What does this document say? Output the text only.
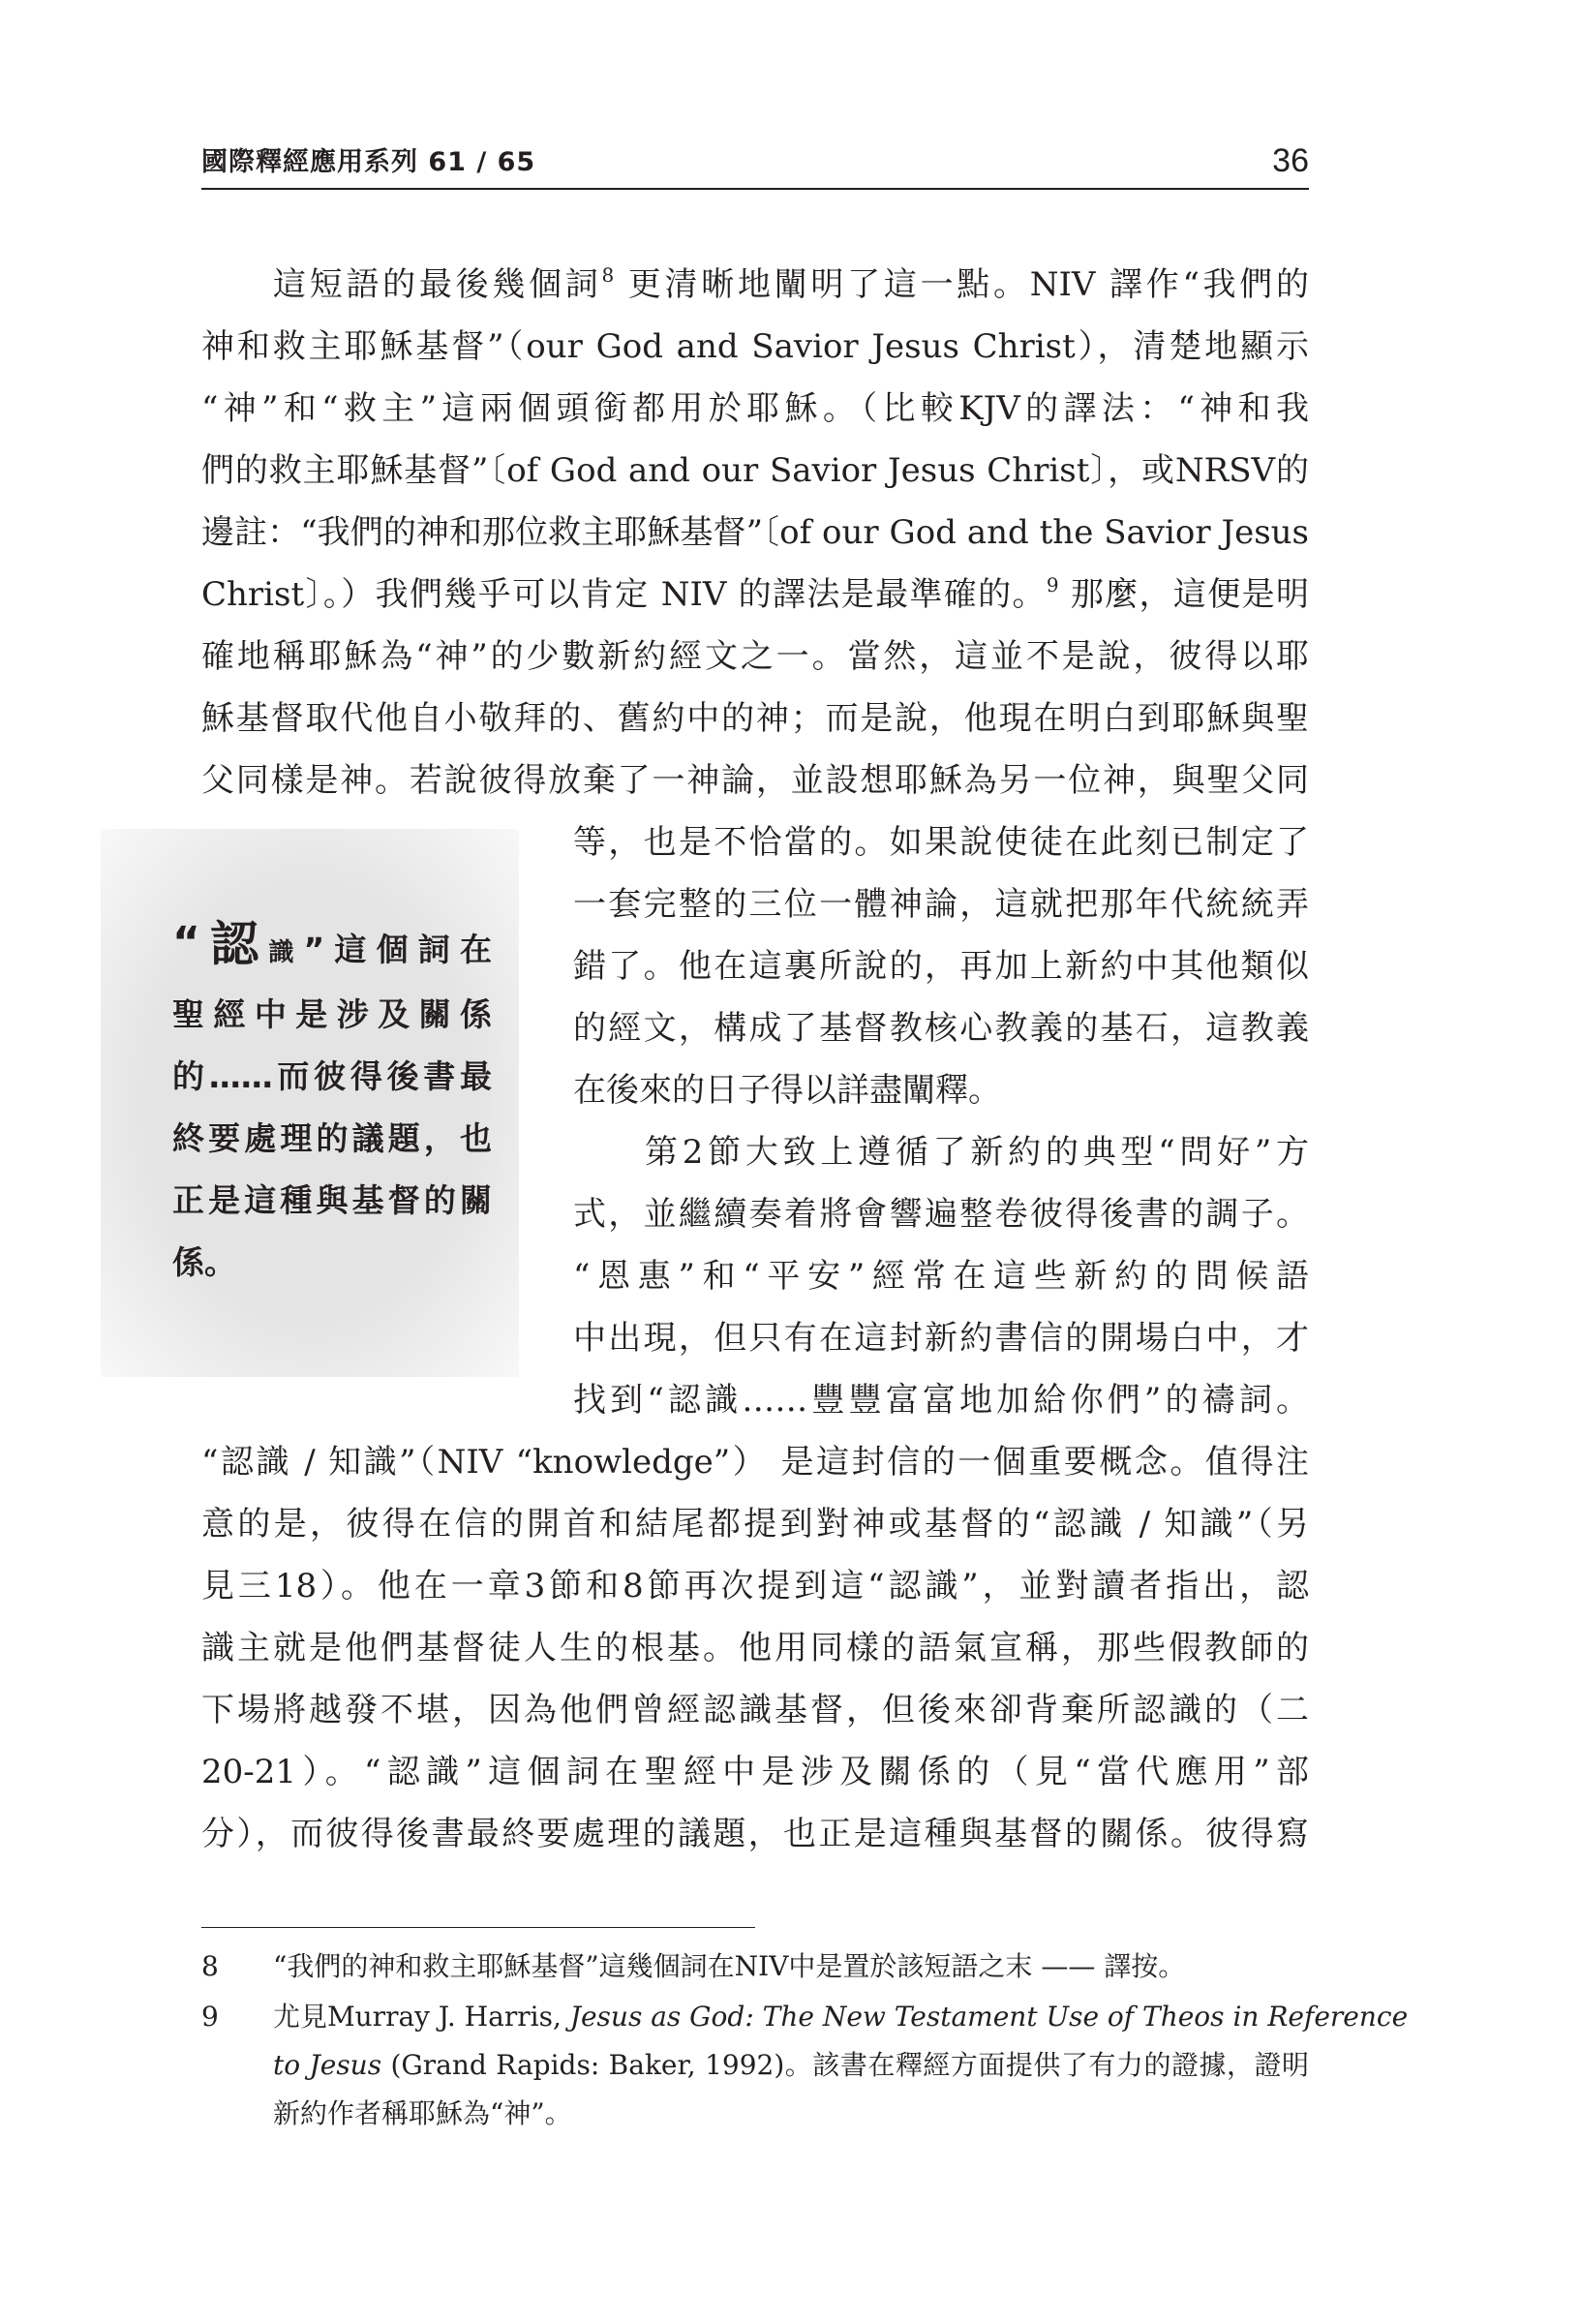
國際釋經應用系列 61 / 65	36

這短語的最後幾個詞$^8$ 更清晰地闡明了這一點。NIV 譯作“我們的

神和救主耶穌基督”（our God and Savior Jesus Christ），清楚地顯示

“神”和“救主”這兩個頭銜都用於耶穌。（比較KJV的譯法：“神和我

們的救主耶穌基督”〔of God and our Savior Jesus Christ〕，或NRSV的

邊註：“我們的神和那位救主耶穌基督”〔of our God and the Savior Jesus

Christ〕。）我們幾乎可以肯定 NIV 的譯法是最準確的。$^9$ 那麼，這便是明

確地稱耶穌為“神”的少數新約經文之一。當然，這並不是說，彼得以耶

穌基督取代他自小敬拜的、舊約中的神；而是說，他現在明白到耶穌與聖

父同樣是神。若說彼得放棄了一神論，並設想耶穌為另一位神，與聖父同

“認識”這個詞在
聖經中是涉及關係
的……而彼得後書最
終要處理的議題，也
正是這種與基督的關
係。

等，也是不恰當的。如果說使徒在此刻已制定了

一套完整的三位一體神論，這就把那年代統統弄

錯了。他在這裏所說的，再加上新約中其他類似

的經文，構成了基督教核心教義的基石，這教義

在後來的日子得以詳盡闡釋。

第2節大致上遵循了新約的典型“問好”方

式，並繼續奏着將會響遍整卷彼得後書的調子。

“恩惠”和“平安”經常在這些新約的問候語

中出現，但只有在這封新約書信的開場白中，才

找到“認識……豐豐富富地加給你們”的禱詞。

“認識 / 知識”（NIV “knowledge”） 是這封信的一個重要概念。值得注

意的是，彼得在信的開首和結尾都提到對神或基督的“認識 / 知識”（另

見三18）。他在一章3節和8節再次提到這“認識”，並對讀者指出，認

識主就是他們基督徒人生的根基。他用同樣的語氣宣稱，那些假教師的

下場將越發不堪，因為他們曾經認識基督，但後來卻背棄所認識的（二

20-21）。“認識”這個詞在聖經中是涉及關係的（見“當代應用”部

分），而彼得後書最終要處理的議題，也正是這種與基督的關係。彼得寫

8	“我們的神和救主耶穌基督”這幾個詞在NIV中是置於該短語之末 —— 譯按。
9	尤見Murray J. Harris, Jesus as God: The New Testament Use of Theos in Reference
to Jesus (Grand Rapids: Baker, 1992)。該書在釋經方面提供了有力的證據，證明
新約作者稱耶穌為“神”。
